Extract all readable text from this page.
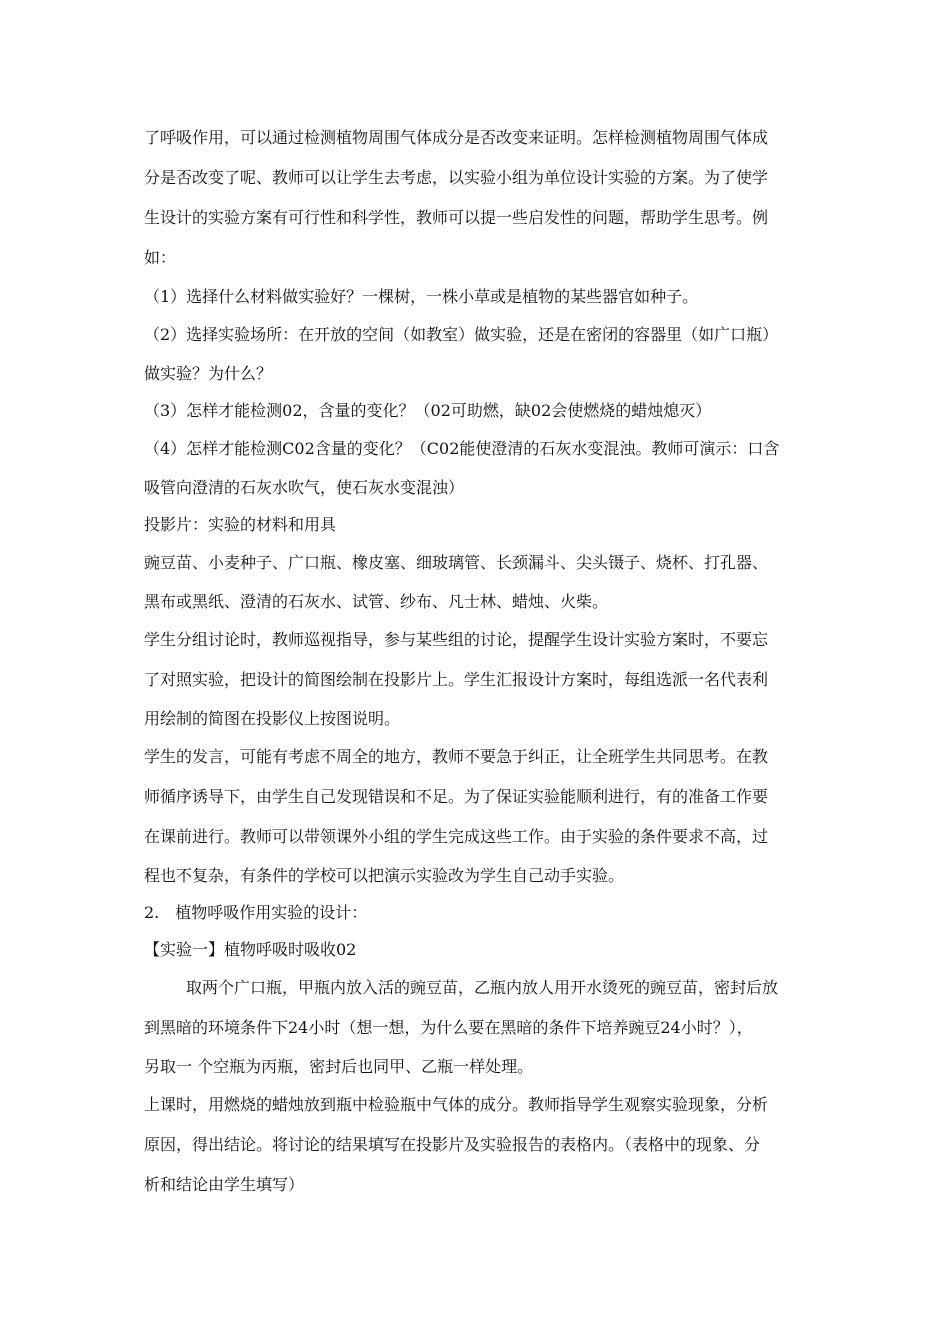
了呼吸作用，可以通过检测植物周围气体成分是否改变来证明。怎样检测植物周围气体成

分是否改变了呢、教师可以让学生去考虑，以实验小组为单位设计实验的方案。为了使学

生设计的实验方案有可行性和科学性，教师可以提一些启发性的问题，帮助学生思考。例

如：

（1）选择什么材料做实验好？一棵树，一株小草或是植物的某些器官如种子。

（2）选择实验场所：在开放的空间（如教室）做实验，还是在密闭的容器里（如广口瓶）

做实验？为什么？

（3）怎样才能检测02，含量的变化？（02可助燃，缺02会使燃烧的蜡烛熄灭）

（4）怎样才能检测C02含量的变化？（C02能使澄清的石灰水变混浊。教师可演示：口含

吸管向澄清的石灰水吹气，使石灰水变混浊）

投影片：实验的材料和用具

豌豆苗、小麦种子、广口瓶、橡皮塞、细玻璃管、长颈漏斗、尖头镊子、烧杯、打孔器、

黑布或黑纸、澄清的石灰水、试管、纱布、凡士林、蜡烛、火柴。

学生分组讨论时，教师巡视指导，参与某些组的讨论，提醒学生设计实验方案时，不要忘

了对照实验，把设计的简图绘制在投影片上。学生汇报设计方案时，每组选派一名代表利

用绘制的简图在投影仪上按图说明。

学生的发言，可能有考虑不周全的地方，教师不要急于纠正，让全班学生共同思考。在教

师循序诱导下，由学生自己发现错误和不足。为了保证实验能顺利进行，有的准备工作要

在课前进行。教师可以带领课外小组的学生完成这些工作。由于实验的条件要求不高，过

程也不复杂，有条件的学校可以把演示实验改为学生自己动手实验。

2.　植物呼吸作用实验的设计：

【实验一】植物呼吸时吸收02

取两个广口瓶，甲瓶内放入活的豌豆苗，乙瓶内放人用开水烫死的豌豆苗，密封后放

到黑暗的环境条件下24小时（想一想，为什么要在黑暗的条件下培养豌豆24小时？），

另取一 个空瓶为丙瓶，密封后也同甲、乙瓶一样处理。

上课时，用燃烧的蜡烛放到瓶中检验瓶中气体的成分。教师指导学生观察实验现象，分析

原因，得出结论。将讨论的结果填写在投影片及实验报告的表格内。（表格中的现象、分

析和结论由学生填写）
